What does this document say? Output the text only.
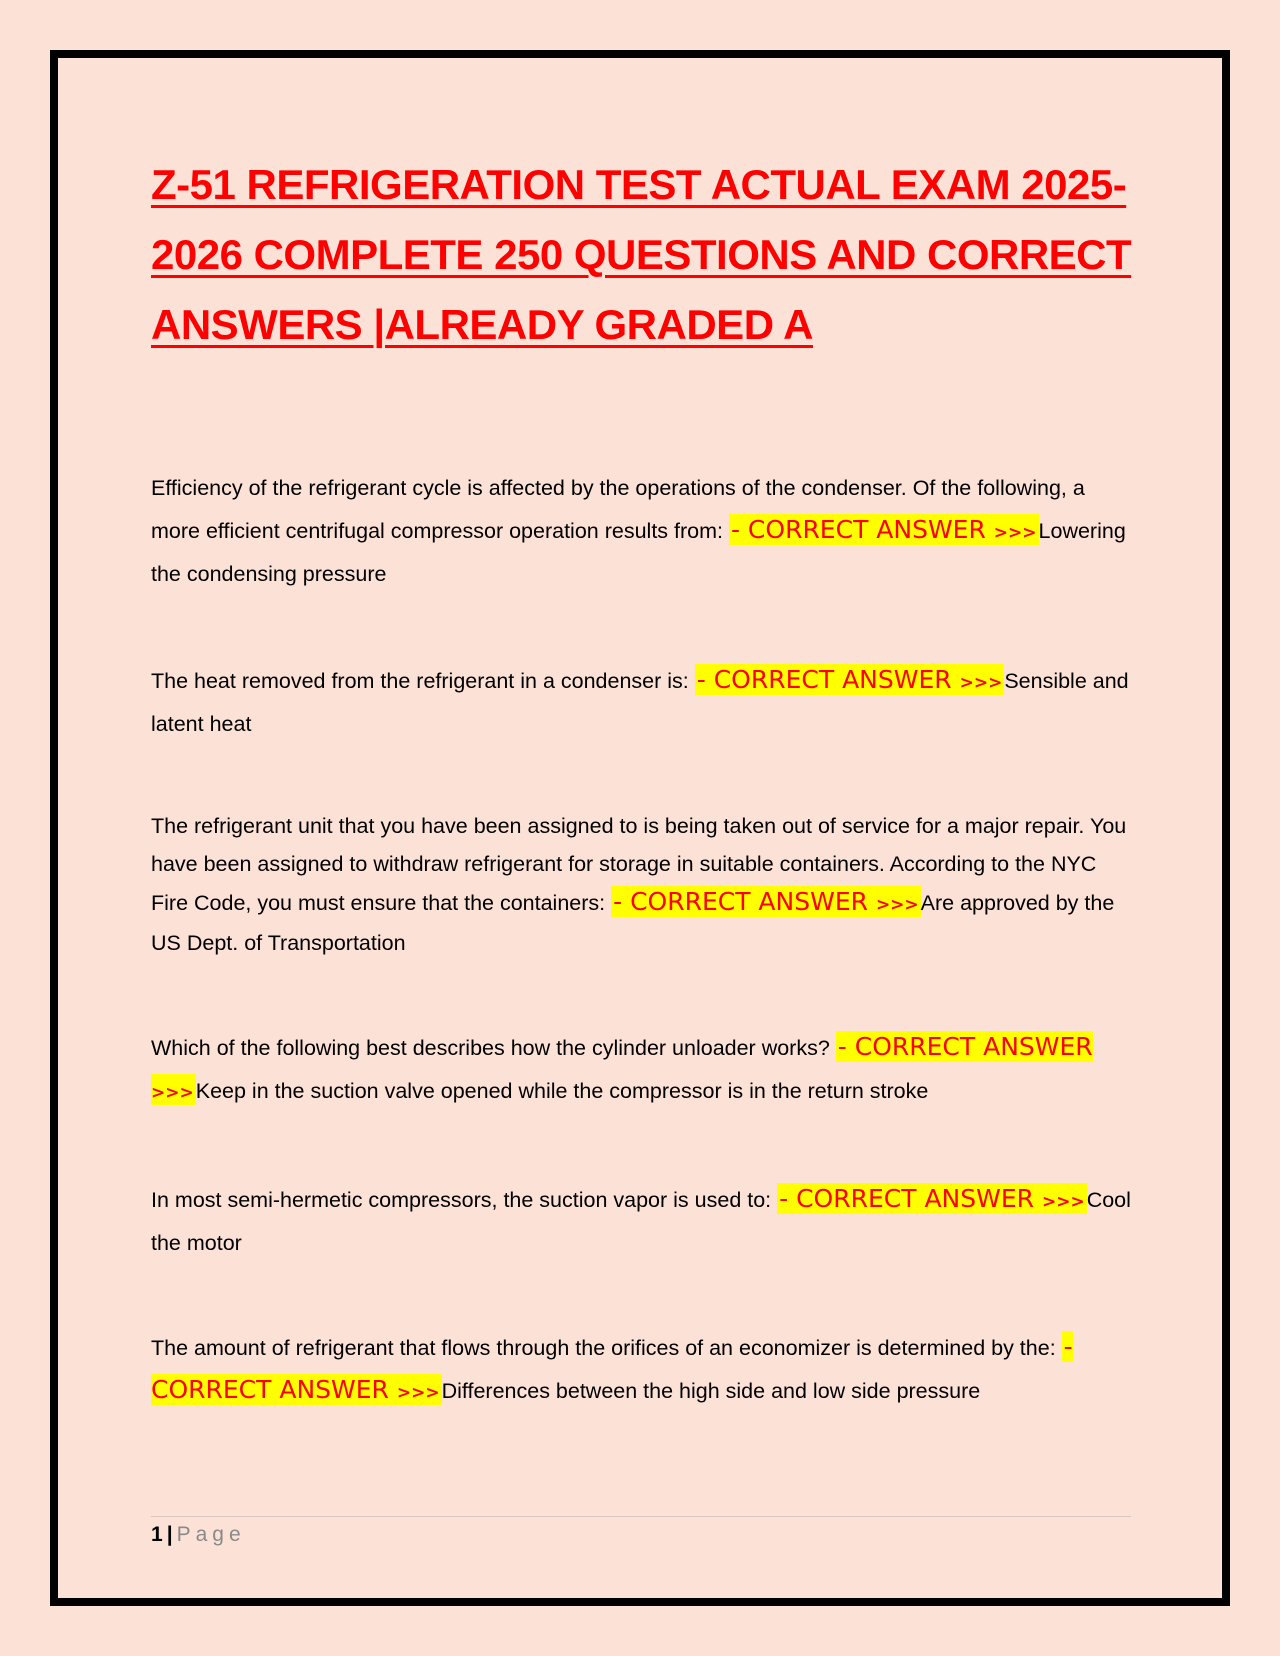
Z-51 REFRIGERATION TEST ACTUAL EXAM 2025-2026 COMPLETE 250 QUESTIONS AND CORRECT ANSWERS |ALREADY GRADED A

Efficiency of the refrigerant cycle is affected by the operations of the condenser. Of the following, a more efficient centrifugal compressor operation results from: - CORRECT ANSWER >>>Lowering the condensing pressure

The heat removed from the refrigerant in a condenser is: - CORRECT ANSWER >>>Sensible and latent heat

The refrigerant unit that you have been assigned to is being taken out of service for a major repair. You have been assigned to withdraw refrigerant for storage in suitable containers. According to the NYC Fire Code, you must ensure that the containers: - CORRECT ANSWER >>>Are approved by the US Dept. of Transportation

Which of the following best describes how the cylinder unloader works? - CORRECT ANSWER >>>Keep in the suction valve opened while the compressor is in the return stroke

In most semi-hermetic compressors, the suction vapor is used to: - CORRECT ANSWER >>>Cool the motor

The amount of refrigerant that flows through the orifices of an economizer is determined by the: - CORRECT ANSWER >>>Differences between the high side and low side pressure

1 | Page
